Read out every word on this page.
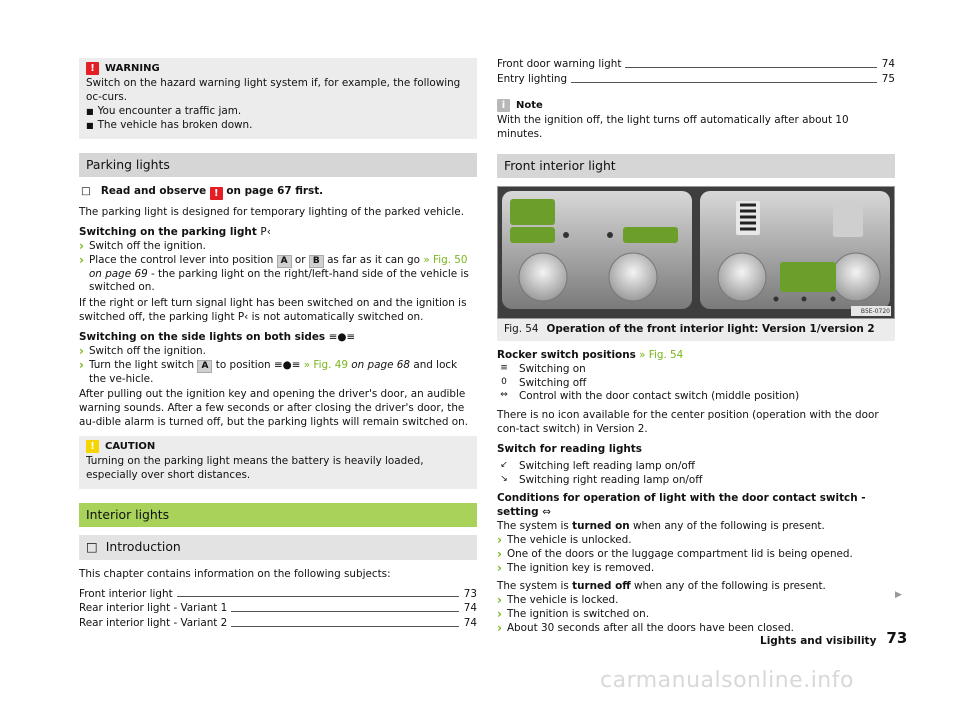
!	WARNING
Switch on the hazard warning light system if, for example, the following oc-curs.
■ You encounter a traffic jam.
■ The vehicle has broken down.
Parking lights

□ Read and observe ! on page 67 first.

The parking light is designed for temporary lighting of the parked vehicle.

Switching on the parking light P‹
› Switch off the ignition.
› Place the control lever into position A or B as far as it can go » Fig. 50 on page 69 - the parking light on the right/left-hand side of the vehicle is switched on.

If the right or left turn signal light has been switched on and the ignition is switched off, the parking light P‹ is not automatically switched on.

Switching on the side lights on both sides ≡●≡
› Switch off the ignition.
› Turn the light switch A to position ≡●≡ » Fig. 49 on page 68 and lock the ve-hicle.

After pulling out the ignition key and opening the driver's door, an audible warning sounds. After a few seconds or after closing the driver's door, the au-dible alarm is turned off, but the parking lights will remain switched on.

!	CAUTION
Turning on the parking light means the battery is heavily loaded, especially over short distances.
Interior lights
□ Introduction

This chapter contains information on the following subjects:

Front interior light	73
Rear interior light - Variant 1	74
Rear interior light - Variant 2	74
Front door warning light	74
Entry lighting	75
i	Note

With the ignition off, the light turns off automatically after about 10 minutes.

Front interior light
B5E-0720
Fig. 54 Operation of the front interior light: Version 1/version 2

Rocker switch positions » Fig. 54

≡	Switching on
0	Switching off
⇔	Control with the door contact switch (middle position)

There is no icon available for the center position (operation with the door con-tact switch) in Version 2.

Switch for reading lights
↙	Switching left reading lamp on/off
↘	Switching right reading lamp on/off
Conditions for operation of light with the door contact switch - setting ⇔
The system is turned on when any of the following is present.
› The vehicle is unlocked.
› One of the doors or the luggage compartment lid is being opened.
› The ignition key is removed.
The system is turned off when any of the following is present.
› The vehicle is locked.
› The ignition is switched on.
› About 30 seconds after all the doors have been closed.
▶
Lights and visibility 73
carmanualsonline.info
